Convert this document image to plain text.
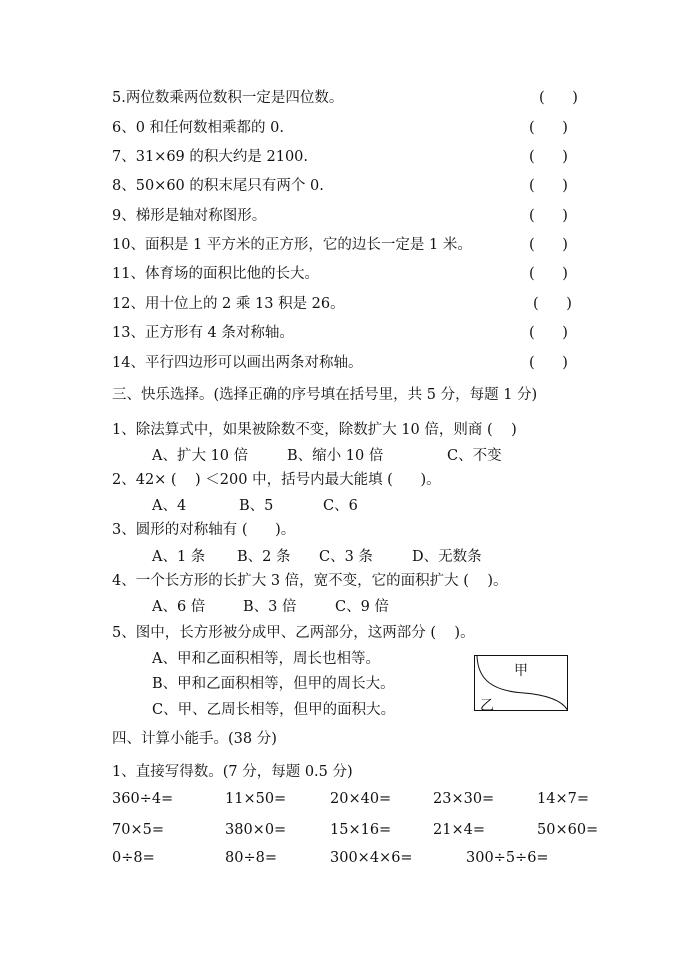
5.两位数乘两位数积一定是四位数。	(      )
6、0 和任何数相乘都的 0.	(      )
7、31×69 的积大约是 2100.	(      )
8、50×60 的积末尾只有两个 0.	(      )
9、梯形是轴对称图形。	(      )
10、面积是 1 平方米的正方形，它的边长一定是 1 米。	(      )
11、体育场的面积比他的长大。	(      )
12、用十位上的 2 乘 13 积是 26。	(      )
13、正方形有 4 条对称轴。	(      )
14、平行四边形可以画出两条对称轴。	(      )
三、快乐选择。(选择正确的序号填在括号里，共 5 分，每题 1 分)
1、除法算式中，如果被除数不变，除数扩大 10 倍，则商 (    )
A、扩大 10 倍	B、缩小 10 倍	C、不变
2、42× (    ) ＜200 中，括号内最大能填 (      )。
A、4	B、5	C、6
3、圆形的对称轴有 (      )。
A、1 条 B、2 条 C、3 条	D、无数条
4、一个长方形的长扩大 3 倍，宽不变，它的面积扩大 (    )。
A、6 倍	B、3 倍	C、9 倍
5、图中，长方形被分成甲、乙两部分，这两部分 (    )。
A、甲和乙面积相等，周长也相等。
B、甲和乙面积相等，但甲的周长大。
C、甲、乙周长相等，但甲的面积大。
甲
乙
四、计算小能手。(38 分)
1、直接写得数。(7 分，每题 0.5 分)
360÷4=	11×50=	20×40=	23×30=	14×7=
70×5=	380×0=	15×16=	21×4=	50×60=
0÷8=	80÷8=	300×4×6=	300÷5÷6=
